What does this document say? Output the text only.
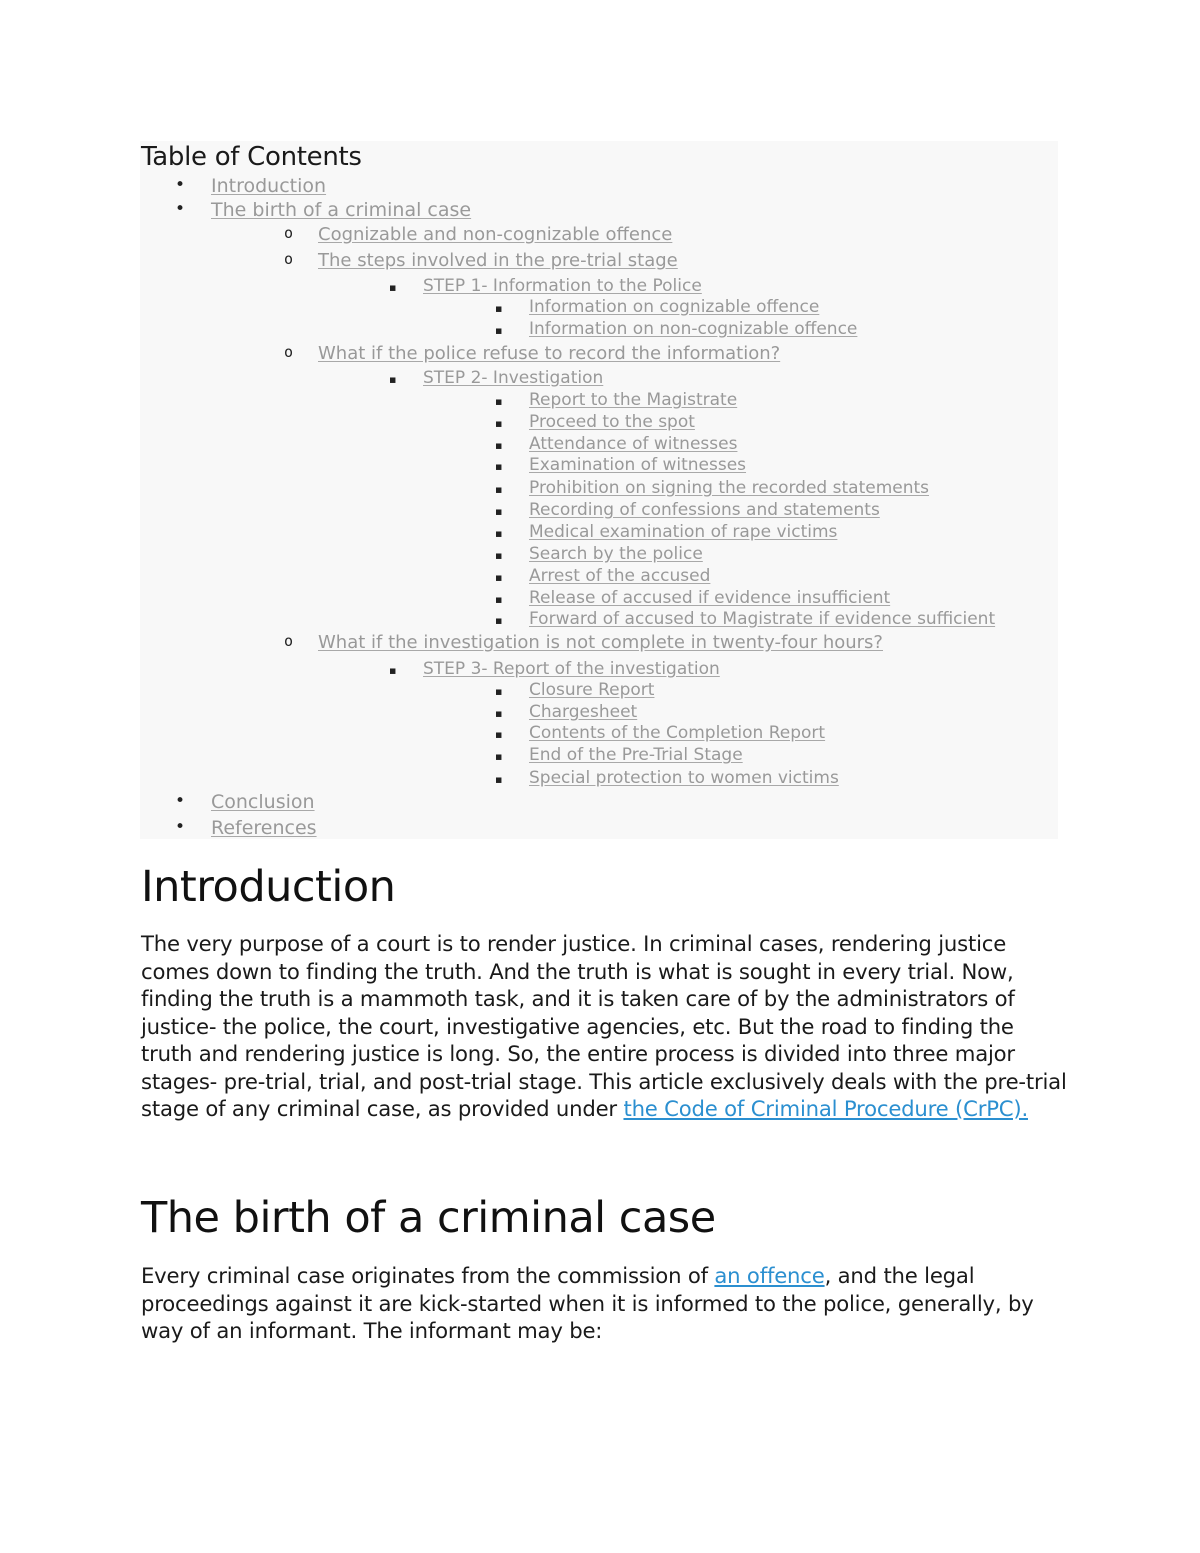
Table of Contents
• Introduction
• The birth of a criminal case
o Cognizable and non-cognizable offence
o The steps involved in the pre-trial stage
▪ STEP 1- Information to the Police
▪ Information on cognizable offence
▪ Information on non-cognizable offence
o What if the police refuse to record the information?
▪ STEP 2- Investigation
▪ Report to the Magistrate
▪ Proceed to the spot
▪ Attendance of witnesses
▪ Examination of witnesses
▪ Prohibition on signing the recorded statements
▪ Recording of confessions and statements
▪ Medical examination of rape victims
▪ Search by the police
▪ Arrest of the accused
▪ Release of accused if evidence insufficient
▪ Forward of accused to Magistrate if evidence sufficient
o What if the investigation is not complete in twenty-four hours?
▪ STEP 3- Report of the investigation
▪ Closure Report
▪ Chargesheet
▪ Contents of the Completion Report
▪ End of the Pre-Trial Stage
▪ Special protection to women victims
• Conclusion
• References
Introduction

The very purpose of a court is to render justice. In criminal cases, rendering justice comes down to finding the truth. And the truth is what is sought in every trial. Now, finding the truth is a mammoth task, and it is taken care of by the administrators of justice- the police, the court, investigative agencies, etc. But the road to finding the truth and rendering justice is long. So, the entire process is divided into three major stages- pre-trial, trial, and post-trial stage. This article exclusively deals with the pre-trial stage of any criminal case, as provided under the Code of Criminal Procedure (CrPC).

The birth of a criminal case

Every criminal case originates from the commission of an offence, and the legal proceedings against it are kick-started when it is informed to the police, generally, by way of an informant. The informant may be:
